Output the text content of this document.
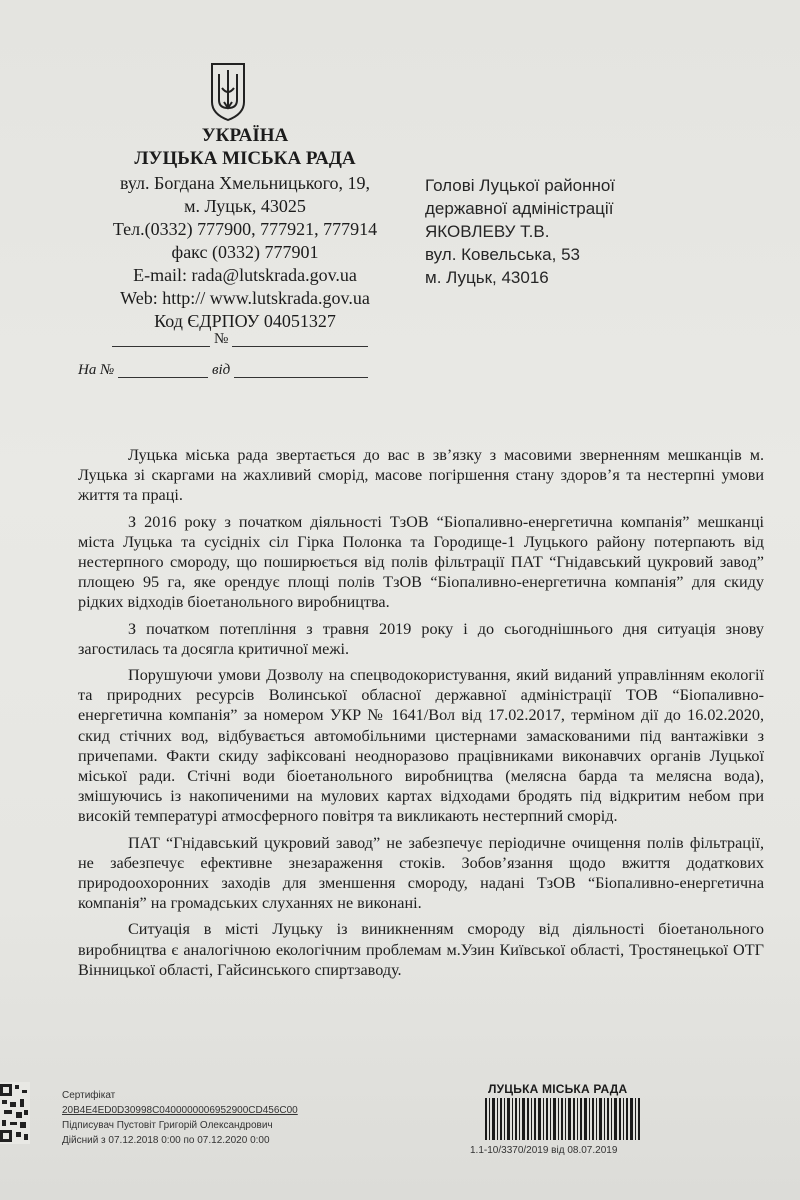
УКРАЇНА
ЛУЦЬКА МІСЬКА РАДА
вул. Богдана Хмельницького, 19,
м. Луцьк, 43025
Тел.(0332) 777900, 777921, 777914
факс (0332) 777901
E-mail: rada@lutskrada.gov.ua
Web: http:// www.lutskrada.gov.ua
Код ЄДРПОУ 04051327
№
На №	від
Голові Луцької районної
державної адміністрації
ЯКОВЛЕВУ Т.В.
вул. Ковельська, 53
м. Луцьк, 43016

Луцька міська рада звертається до вас в зв’язку з масовими зверненням мешканців м. Луцька зі скаргами на жахливий сморід, масове погіршення стану здоров’я та нестерпні умови життя та праці.

З 2016 року з початком діяльності ТзОВ “Біопаливно-енергетична компанія” мешканці міста Луцька та сусідніх сіл Гірка Полонка та Городище-1 Луцького району потерпають від нестерпного смороду, що поширюється від полів фільтрації ПАТ “Гнідавський цукровий завод” площею 95 га, яке орендує площі полів ТзОВ “Біопаливно-енергетична компанія” для скиду рідких відходів біоетанольного виробництва.

З початком потепління з травня 2019 року і до сьогоднішнього дня ситуація знову загостилась та досягла критичної межі.

Порушуючи умови Дозволу на спецводокористування, який виданий управлінням екології та природних ресурсів Волинської обласної державної адміністрації ТОВ “Біопаливно-енергетична компанія” за номером УКР № 1641/Вол від 17.02.2017, терміном дії до 16.02.2020, скид стічних вод, відбувається автомобільними цистернами замаскованими під вантажівки з причепами. Факти скиду зафіксовані неодноразово працівниками виконавчих органів Луцької міської ради. Стічні води біоетанольного виробництва (мелясна барда та мелясна вода), змішуючись із накопиченими на мулових картах відходами бродять під відкритим небом при високій температурі атмосферного повітря та викликають нестерпний сморід.

ПАТ “Гнідавський цукровий завод” не забезпечує періодичне очищення полів фільтрації, не забезпечує ефективне знезараження стоків. Зобов’язання щодо вжиття додаткових природоохоронних заходів для зменшення смороду, надані ТзОВ “Біопаливно-енергетична компанія” на громадських слуханнях не виконані.

Ситуація в місті Луцьку із виникненням смороду від діяльності біоетанольного виробництва є аналогічною екологічним проблемам м.Узин Київської області, Тростянецької ОТГ Вінницької області, Гайсинського спиртзаводу.

Сертифікат
20B4E4ED0D30998C0400000006952900CD456C00
Підписувач Пустовіт Григорій Олександрович
Дійсний з 07.12.2018 0:00 по 07.12.2020 0:00
ЛУЦЬКА МІСЬКА РАДА
1.1-10/3370/2019 від 08.07.2019
